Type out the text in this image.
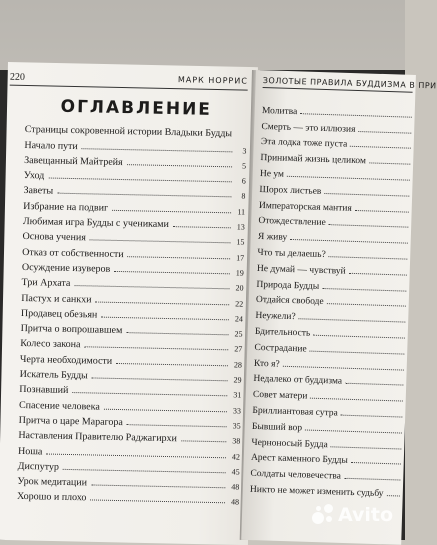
220	МАРК НОРРИС
ОГЛАВЛЕНИЕ
Страницы сокровенной истории Владыки Будды
Начало пути	3
Завещанный Майтрейя	5
Уход	6
Заветы	8
Избрание на подвиг	11
Любимая игра Будды с учениками	13
Основа учения	15
Отказ от собственности	17
Осуждение изуверов	19
Три Архата	20
Пастух и санкхи	22
Продавец обезьян	24
Притча о вопрошавшем	25
Колесо закона	27
Черта необходимости	28
Искатель Будды	29
Познавший	31
Спасение человека	33
Притча о царе Марагора	35
Наставления Правителю Раджагирхи	38
Ноша	42
Диспутур	45
Урок медитации	48
Хорошо и плохо	48
ЗОЛОТЫЕ ПРАВИЛА БУДДИЗМА В ПРИ
Молитва
Смерть — это иллюзия
Эта лодка тоже пуста
Принимай жизнь целиком
Не ум
Шорох листьев
Императорская мантия
Отождествление
Я живу
Что ты делаешь?
Не думай — чувствуй
Природа Будды
Отдайся свободе
Неужели?
Бдительность
Сострадание
Кто я?
Недалеко от буддизма
Совет матери
Бриллиантовая сутра
Бывший вор
Черноносый Будда
Арест каменного Будды
Солдаты человечества
Никто не может изменить судьбу
Avito
